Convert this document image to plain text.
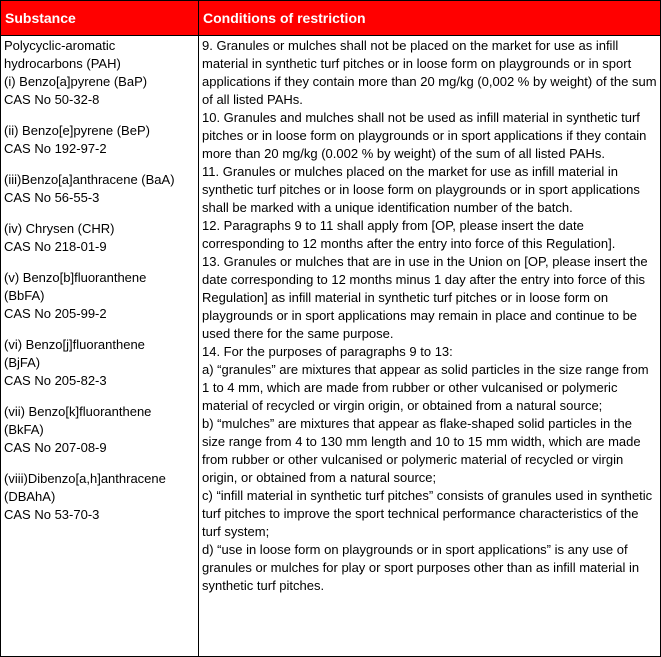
Substance	Conditions of restriction
Polycyclic-aromatic
hydrocarbons (PAH)
(i) Benzo[a]pyrene (BaP)
CAS No 50-32-8
(ii) Benzo[e]pyrene (BeP)
CAS No 192-97-2
(iii)Benzo[a]anthracene (BaA)
CAS No 56-55-3
(iv) Chrysen (CHR)
CAS No 218-01-9
(v) Benzo[b]fluoranthene
(BbFA)
CAS No 205-99-2
(vi) Benzo[j]fluoranthene
(BjFA)
CAS No 205-82-3
(vii) Benzo[k]fluoranthene
(BkFA)
CAS No 207-08-9
(viii)Dibenzo[a,h]anthracene
(DBAhA)
CAS No 53-70-3

9. Granules or mulches shall not be placed on the market for use as infill material in synthetic turf pitches or in loose form on playgrounds or in sport applications if they contain more than 20 mg/kg (0,002 % by weight) of the sum of all listed PAHs.

10. Granules and mulches shall not be used as infill material in synthetic turf pitches or in loose form on playgrounds or in sport applications if they contain more than 20 mg/kg (0.002 % by weight) of the sum of all listed PAHs.

11. Granules or mulches placed on the market for use as infill material in synthetic turf pitches or in loose form on playgrounds or in sport applications shall be marked with a unique identification number of the batch.

12. Paragraphs 9 to 11 shall apply from [OP, please insert the date corresponding to 12 months after the entry into force of this Regulation].

13. Granules or mulches that are in use in the Union on [OP, please insert the date corresponding to 12 months minus 1 day after the entry into force of this Regulation] as infill material in synthetic turf pitches or in loose form on playgrounds or in sport applications may remain in place and continue to be used there for the same purpose.

14. For the purposes of paragraphs 9 to 13:

a) “granules” are mixtures that appear as solid particles in the size range from 1 to 4 mm, which are made from rubber or other vulcanised or polymeric material of recycled or virgin origin, or obtained from a natural source;

b) “mulches” are mixtures that appear as flake-shaped solid particles in the size range from 4 to 130 mm length and 10 to 15 mm width, which are made from rubber or other vulcanised or polymeric material of recycled or virgin origin, or obtained from a natural source;

c) “infill material in synthetic turf pitches” consists of granules used in synthetic turf pitches to improve the sport technical performance characteristics of the turf system;

d) “use in loose form on playgrounds or in sport applications” is any use of granules or mulches for play or sport purposes other than as infill material in synthetic turf pitches.
